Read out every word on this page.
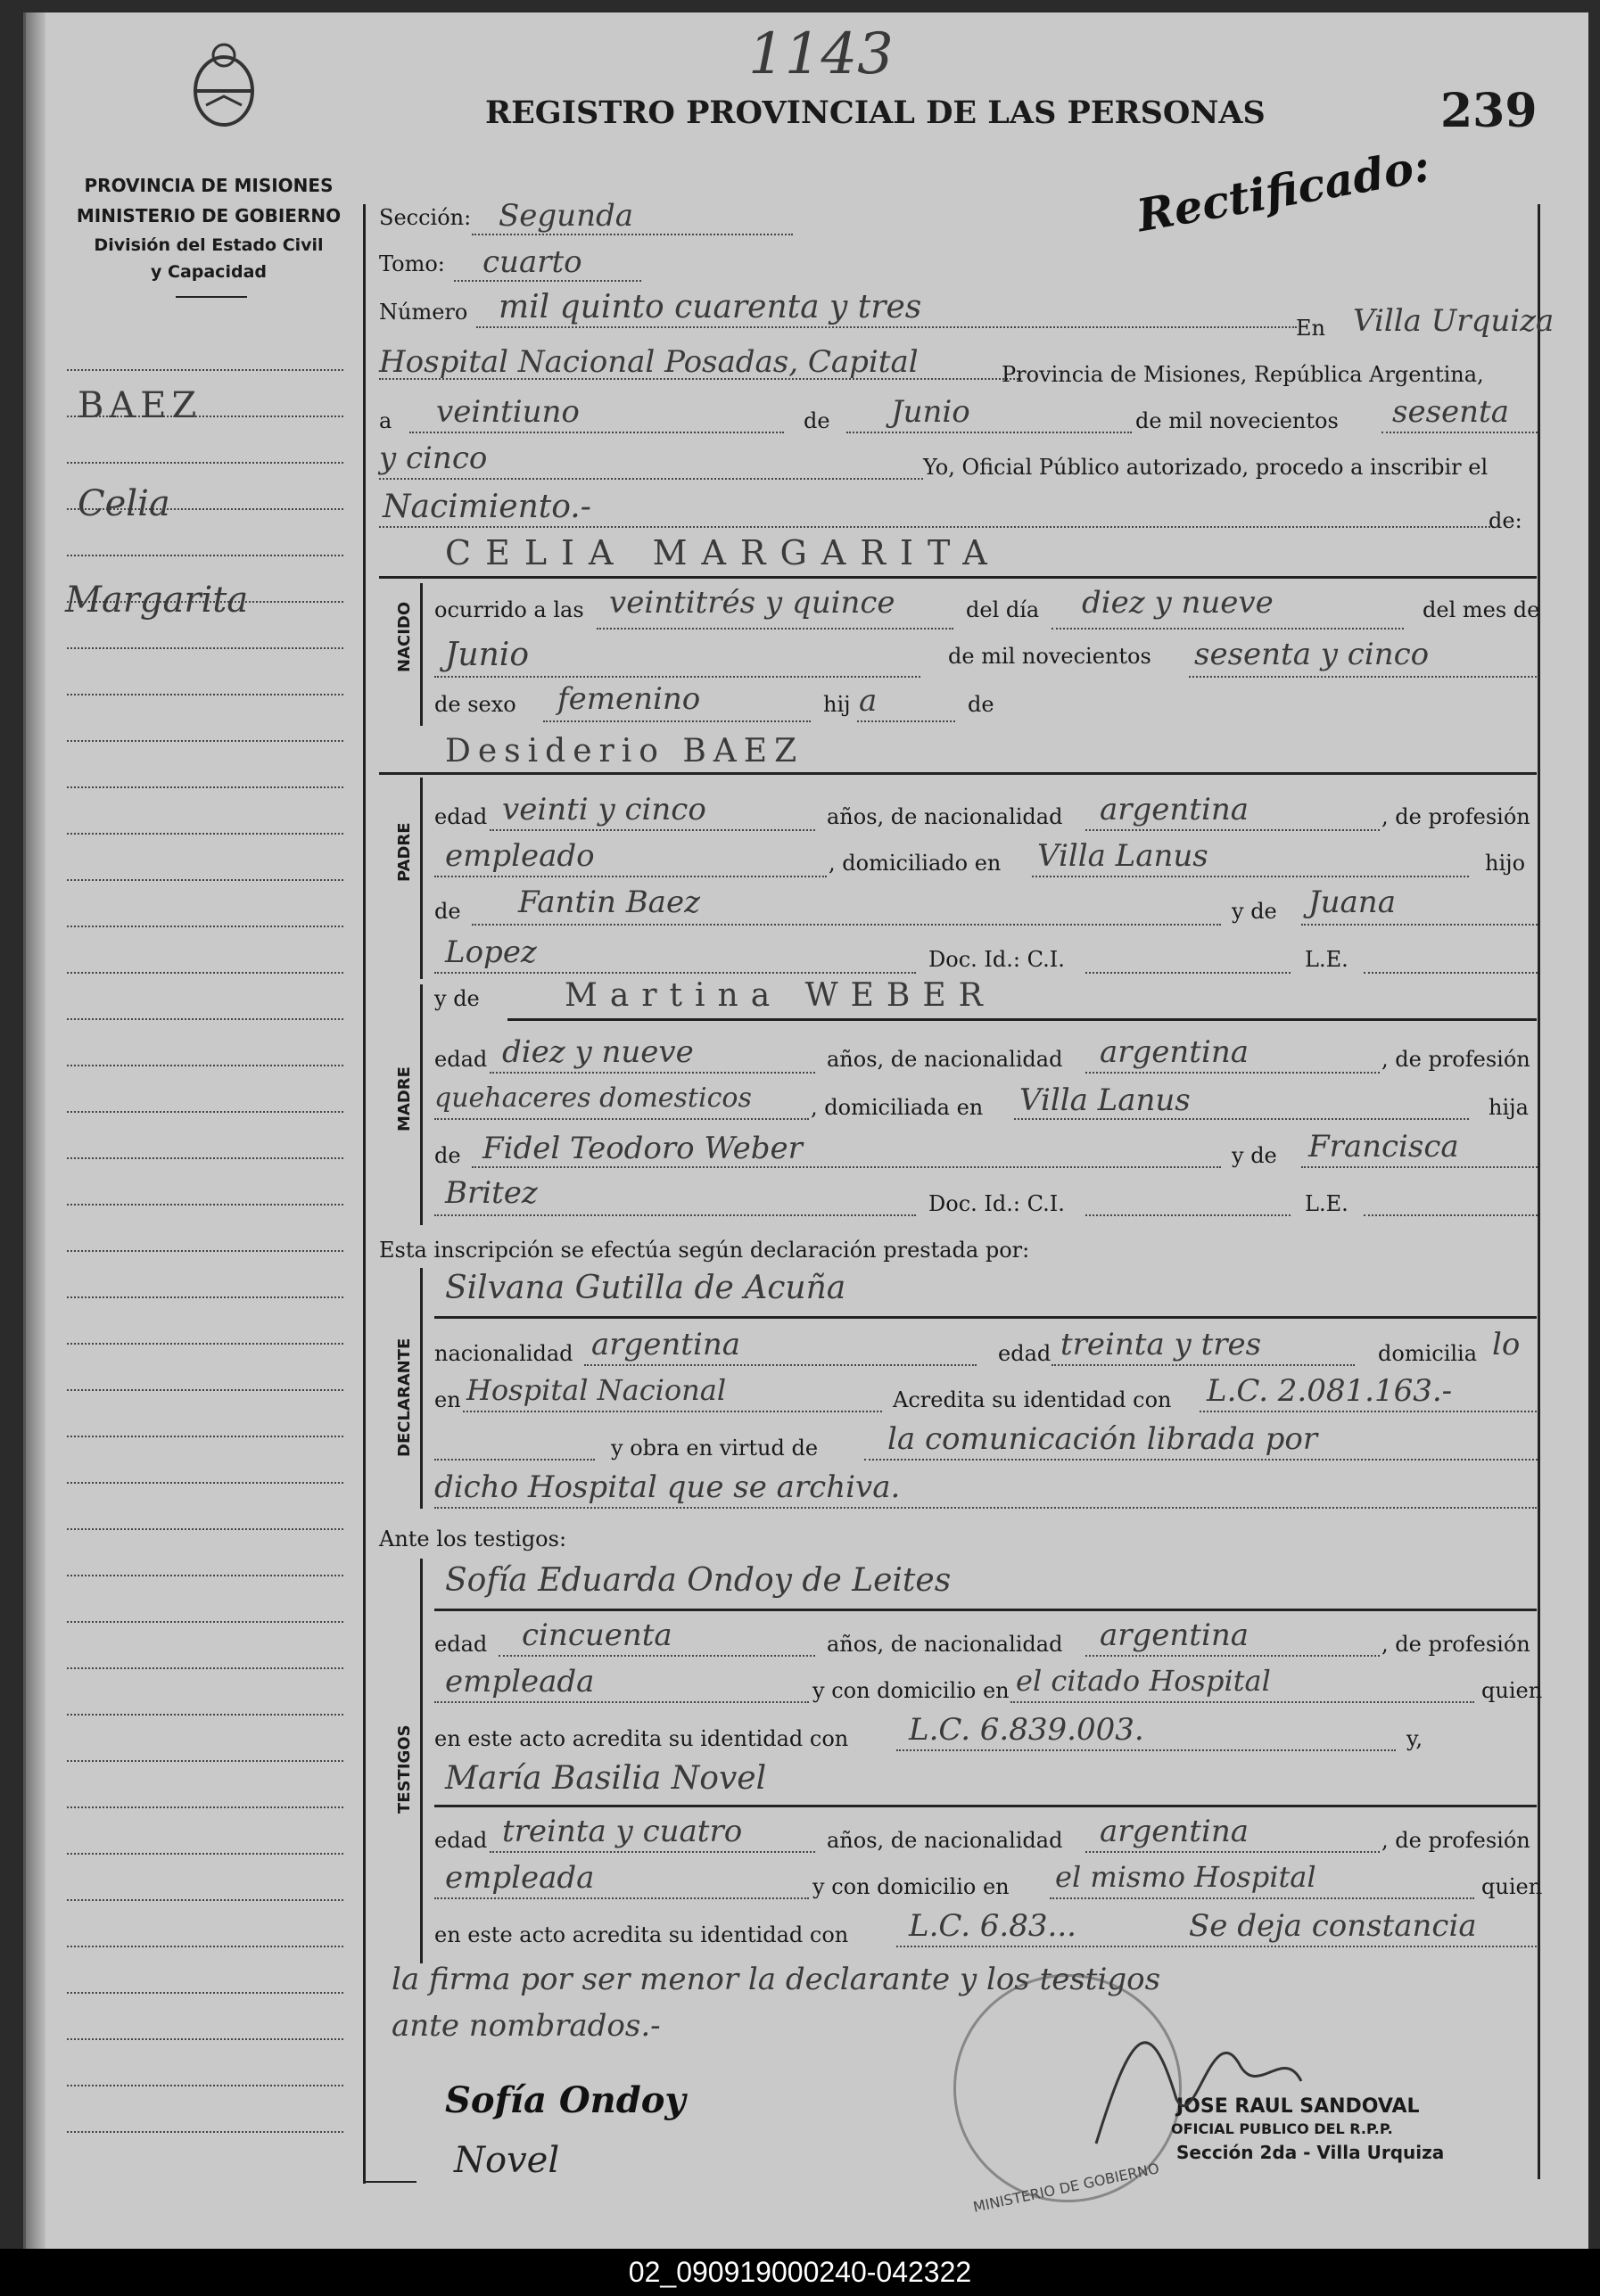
1143
REGISTRO PROVINCIAL DE LAS PERSONAS	239
Rectificado:
PROVINCIA DE MISIONES
MINISTERIO DE GOBIERNO
División del Estado Civil
y Capacidad
BAEZ
Celia
Margarita
Sección: Segunda
Tomo: cuarto
Número mil quinto cuarenta y tres
En Villa Urquiza
Hospital Nacional Posadas, Capital	Provincia de Misiones, República Argentina,
a veintiuno	de Junio	de mil novecientos sesenta
y cinco	Yo, Oficial Público autorizado, procedo a inscribir el
Nacimiento.-	de:
CELIA MARGARITA
NACIDO ocurrido a las veintitrés y quince	del día diez y nueve	del mes de
Junio	de mil novecientos sesenta y cinco
de sexo femenino	hij a	de
Desiderio BAEZ
PADRE
edad veinti y cinco	años, de nacionalidad argentina	, de profesión
empleado	, domiciliado en Villa Lanus	hijo
de Fantin Baez	y de Juana
Lopez	Doc. Id.: C.I.	L.E.
y de	Martina WEBER
MADRE
edad diez y nueve	años, de nacionalidad argentina	, de profesión
quehaceres domesticos	, domiciliada en Villa Lanus	hija
de Fidel Teodoro Weber	y de Francisca
Britez	Doc. Id.: C.I.	L.E.
Esta inscripción se efectúa según declaración prestada por:
Silvana Gutilla de Acuña
DECLARANTE nacionalidad argentina	edad treinta y tres	domicilia lo
en Hospital Nacional	Acredita su identidad con L.C. 2.081.163.-
y obra en virtud de la comunicación librada por
dicho Hospital que se archiva.
Ante los testigos:
TESTIGOS
Sofía Eduarda Ondoy de Leites
edad cincuenta	años, de nacionalidad argentina	, de profesión
empleada	y con domicilio en el citado Hospital	quien
en este acto acredita su identidad con L.C. 6.839.003.	y,
María Basilia Novel
edad treinta y cuatro	años, de nacionalidad argentina	, de profesión
empleada	y con domicilio en el mismo Hospital	quien
en este acto acredita su identidad con L.C. 6.83...	Se deja constancia
la firma por ser menor la declarante y los testigos
ante nombrados.-
MINISTERIO DE GOBIERNO
JOSE RAUL SANDOVAL
OFICIAL PUBLICO DEL R.P.P.
Sección 2da - Villa Urquiza
Sofía Ondoy
Novel
02_090919000240-042322
